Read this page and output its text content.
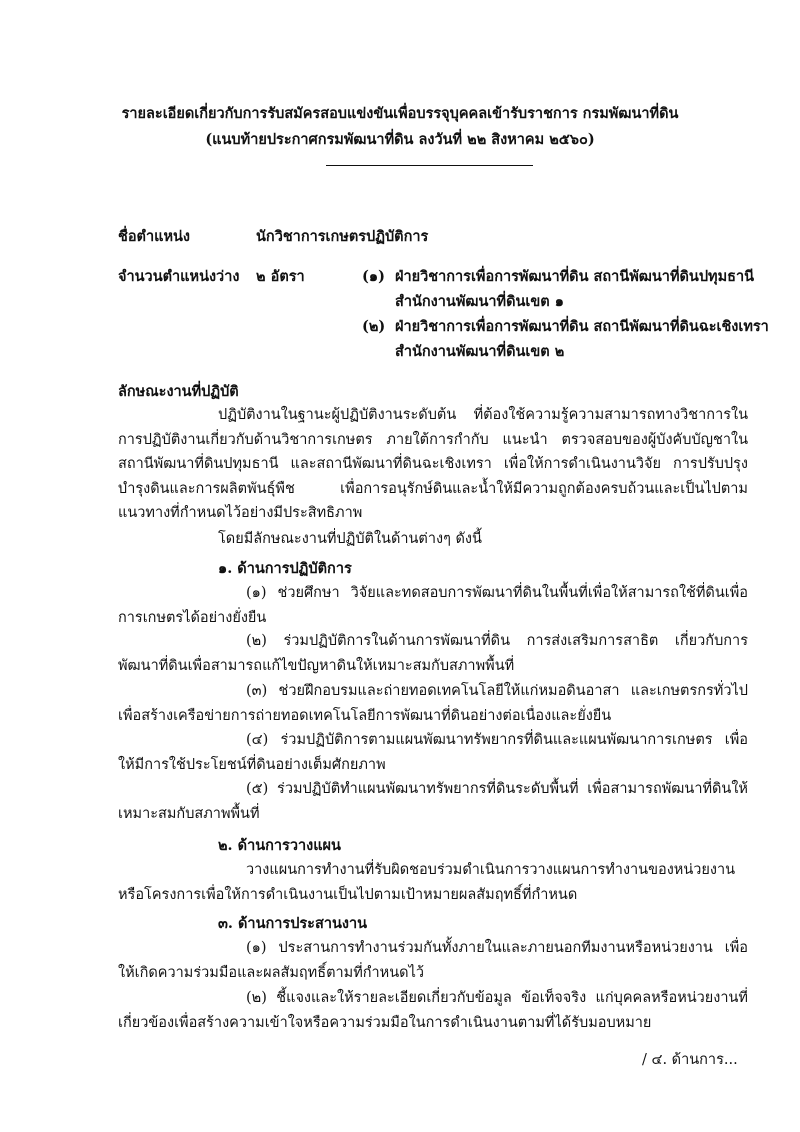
รายละเอียดเกี่ยวกับการรับสมัครสอบแข่งขันเพื่อบรรจุบุคคลเข้ารับราชการ กรมพัฒนาที่ดิน
(แนบท้ายประกาศกรมพัฒนาที่ดิน ลงวันที่ ๒๒ สิงหาคม ๒๕๖๐)
ชื่อตำแหน่ง	นักวิชาการเกษตรปฏิบัติการ
จำนวนตำแหน่งว่าง ๒ อัตรา	(๑) ฝ่ายวิชาการเพื่อการพัฒนาที่ดิน สถานีพัฒนาที่ดินปทุมธานี
สำนักงานพัฒนาที่ดินเขต ๑
(๒) ฝ่ายวิชาการเพื่อการพัฒนาที่ดิน สถานีพัฒนาที่ดินฉะเชิงเทรา
สำนักงานพัฒนาที่ดินเขต ๒
ลักษณะงานที่ปฏิบัติ
ปฏิบัติงานในฐานะผู้ปฏิบัติงานระดับต้น ที่ต้องใช้ความรู้ความสามารถทางวิชาการในการปฏิบัติงานเกี่ยวกับด้านวิชาการเกษตร ภายใต้การกำกับ แนะนำ ตรวจสอบของผู้บังคับบัญชาในสถานีพัฒนาที่ดินปทุมธานี และสถานีพัฒนาที่ดินฉะเชิงเทรา เพื่อให้การดำเนินงานวิจัย การปรับปรุงบำรุงดินและการผลิตพันธุ์พืช เพื่อการอนุรักษ์ดินและน้ำให้มีความถูกต้องครบถ้วนและเป็นไปตามแนวทางที่กำหนดไว้อย่างมีประสิทธิภาพ
โดยมีลักษณะงานที่ปฏิบัติในด้านต่างๆ ดังนี้
๑. ด้านการปฏิบัติการ
(๑) ช่วยศึกษา วิจัยและทดสอบการพัฒนาที่ดินในพื้นที่เพื่อให้สามารถใช้ที่ดินเพื่อการเกษตรได้อย่างยั่งยืน
(๒) ร่วมปฏิบัติการในด้านการพัฒนาที่ดิน การส่งเสริมการสาธิต เกี่ยวกับการพัฒนาที่ดินเพื่อสามารถแก้ไขปัญหาดินให้เหมาะสมกับสภาพพื้นที่
(๓) ช่วยฝึกอบรมและถ่ายทอดเทคโนโลยีให้แก่หมอดินอาสา และเกษตรกรทั่วไปเพื่อสร้างเครือข่ายการถ่ายทอดเทคโนโลยีการพัฒนาที่ดินอย่างต่อเนื่องและยั่งยืน
(๔) ร่วมปฏิบัติการตามแผนพัฒนาทรัพยากรที่ดินและแผนพัฒนาการเกษตร เพื่อให้มีการใช้ประโยชน์ที่ดินอย่างเต็มศักยภาพ
(๕) ร่วมปฏิบัติทำแผนพัฒนาทรัพยากรที่ดินระดับพื้นที่ เพื่อสามารถพัฒนาที่ดินให้เหมาะสมกับสภาพพื้นที่
๒. ด้านการวางแผน
วางแผนการทำงานที่รับผิดชอบร่วมดำเนินการวางแผนการทำงานของหน่วยงานหรือโครงการเพื่อให้การดำเนินงานเป็นไปตามเป้าหมายผลสัมฤทธิ์ที่กำหนด
๓. ด้านการประสานงาน
(๑) ประสานการทำงานร่วมกันทั้งภายในและภายนอกทีมงานหรือหน่วยงาน เพื่อให้เกิดความร่วมมือและผลสัมฤทธิ์ตามที่กำหนดไว้
(๒) ชี้แจงและให้รายละเอียดเกี่ยวกับข้อมูล ข้อเท็จจริง แก่บุคคลหรือหน่วยงานที่เกี่ยวข้องเพื่อสร้างความเข้าใจหรือความร่วมมือในการดำเนินงานตามที่ได้รับมอบหมาย
/ ๔. ด้านการ...
